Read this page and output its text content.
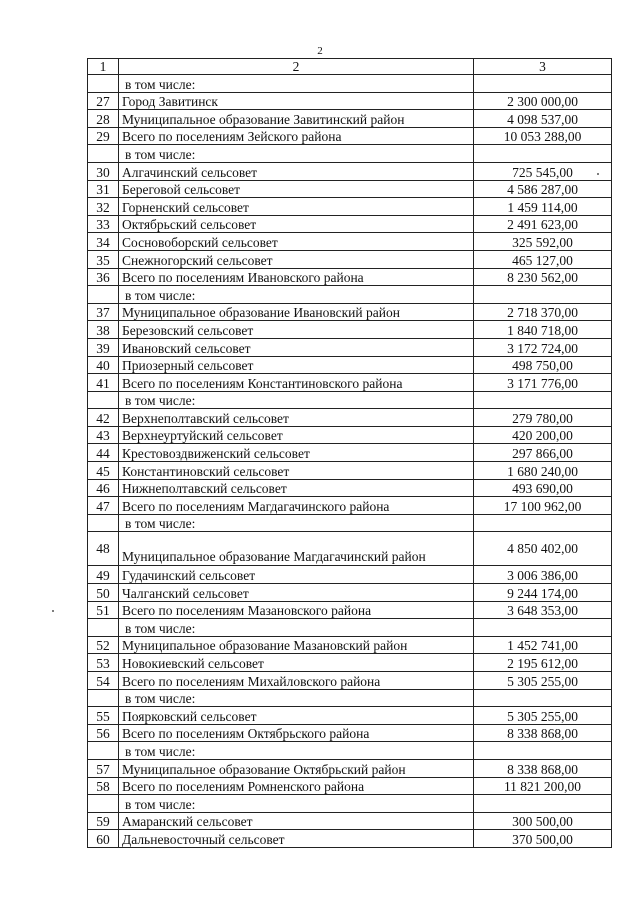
2
1	2	3
	в том числе:	
27	Город Завитинск	2 300 000,00
28	Муниципальное образование Завитинский район	4 098 537,00
29	Всего по поселениям Зейского района	10 053 288,00
	в том числе:	
30	Алгачинский сельсовет	725 545,00
31	Береговой сельсовет	4 586 287,00
32	Горненский сельсовет	1 459 114,00
33	Октябрьский сельсовет	2 491 623,00
34	Сосновоборский сельсовет	325 592,00
35	Снежногорский сельсовет	465 127,00
36	Всего по поселениям Ивановского района	8 230 562,00
	в том числе:	
37	Муниципальное образование Ивановский район	2 718 370,00
38	Березовский сельсовет	1 840 718,00
39	Ивановский сельсовет	3 172 724,00
40	Приозерный сельсовет	498 750,00
41	Всего по поселениям Константиновского района	3 171 776,00
	в том числе:	
42	Верхнеполтавский сельсовет	279 780,00
43	Верхнеуртуйский сельсовет	420 200,00
44	Крестовоздвиженский сельсовет	297 866,00
45	Константиновский сельсовет	1 680 240,00
46	Нижнеполтавский сельсовет	493 690,00
47	Всего по поселениям Магдагачинского района	17 100 962,00
	в том числе:	
48	Муниципальное образование Магдагачинский район	4 850 402,00
49	Гудачинский сельсовет	3 006 386,00
50	Чалганский сельсовет	9 244 174,00
51	Всего по поселениям Мазановского района	3 648 353,00
	в том числе:	
52	Муниципальное образование Мазановский район	1 452 741,00
53	Новокиевский сельсовет	2 195 612,00
54	Всего по поселениям Михайловского района	5 305 255,00
	в том числе:	
55	Поярковский сельсовет	5 305 255,00
56	Всего по поселениям Октябрьского района	8 338 868,00
	в том числе:	
57	Муниципальное образование Октябрьский район	8 338 868,00
58	Всего по поселениям Ромненского района	11 821 200,00
	в том числе:	
59	Амаранский сельсовет	300 500,00
60	Дальневосточный сельсовет	370 500,00
